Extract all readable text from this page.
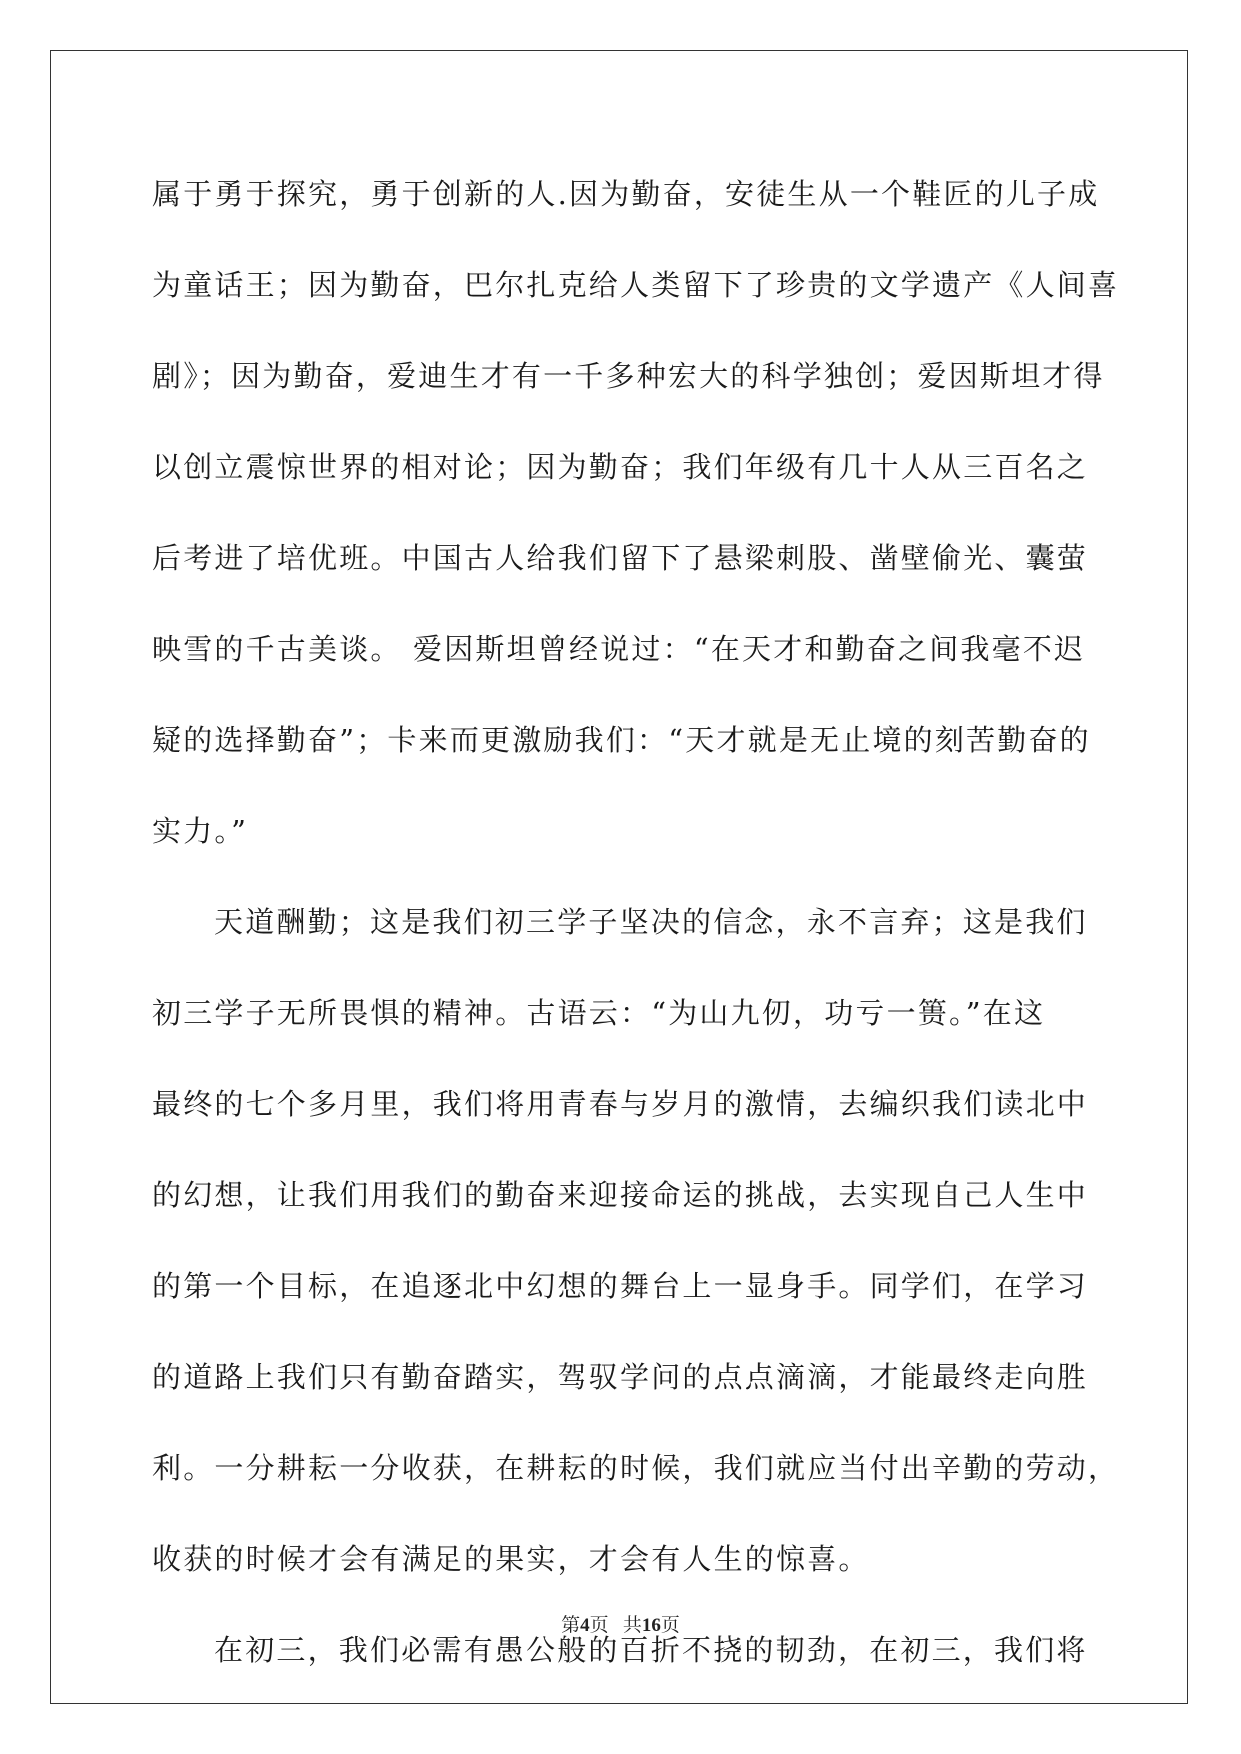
属于勇于探究，勇于创新的人.因为勤奋，安徒生从一个鞋匠的儿子成
为童话王；因为勤奋，巴尔扎克给人类留下了珍贵的文学遗产《人间喜
剧》；因为勤奋，爱迪生才有一千多种宏大的科学独创；爱因斯坦才得
以创立震惊世界的相对论；因为勤奋；我们年级有几十人从三百名之
后考进了培优班。中国古人给我们留下了悬梁刺股、凿壁偷光、囊萤
映雪的千古美谈。 爱因斯坦曾经说过：“在天才和勤奋之间我毫不迟
疑的选择勤奋”；卡来而更激励我们：“天才就是无止境的刻苦勤奋的
实力。”
天道酬勤；这是我们初三学子坚决的信念，永不言弃；这是我们
初三学子无所畏惧的精神。古语云：“为山九仞，功亏一篑。”在这
最终的七个多月里，我们将用青春与岁月的激情，去编织我们读北中
的幻想，让我们用我们的勤奋来迎接命运的挑战，去实现自己人生中
的第一个目标，在追逐北中幻想的舞台上一显身手。同学们，在学习
的道路上我们只有勤奋踏实，驾驭学问的点点滴滴，才能最终走向胜
利。一分耕耘一分收获，在耕耘的时候，我们就应当付出辛勤的劳动，
收获的时候才会有满足的果实，才会有人生的惊喜。
在初三，我们必需有愚公般的百折不挠的韧劲，在初三，我们将
第4页 共16页
